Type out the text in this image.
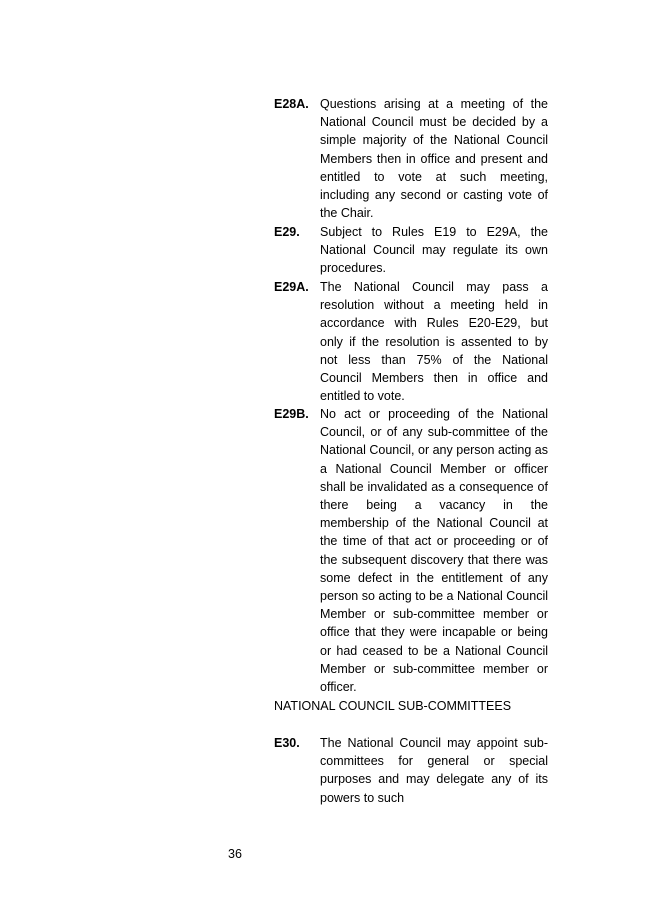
E28A. Questions arising at a meeting of the National Council must be decided by a simple majority of the National Council Members then in office and present and entitled to vote at such meeting, including any second or casting vote of the Chair.

E29. Subject to Rules E19 to E29A, the National Council may regulate its own procedures.

E29A. The National Council may pass a resolution without a meeting held in accordance with Rules E20-E29, but only if the resolution is assented to by not less than 75% of the National Council Members then in office and entitled to vote.

E29B. No act or proceeding of the National Council, or of any sub-committee of the National Council, or any person acting as a National Council Member or officer shall be invalidated as a consequence of there being a vacancy in the membership of the National Council at the time of that act or proceeding or of the subsequent discovery that there was some defect in the entitlement of any person so acting to be a National Council Member or sub-committee member or office that they were incapable or being or had ceased to be a National Council Member or sub-committee member or officer.

NATIONAL COUNCIL SUB-COMMITTEES
E30. The National Council may appoint sub-committees for general or special purposes and may delegate any of its powers to such

36
